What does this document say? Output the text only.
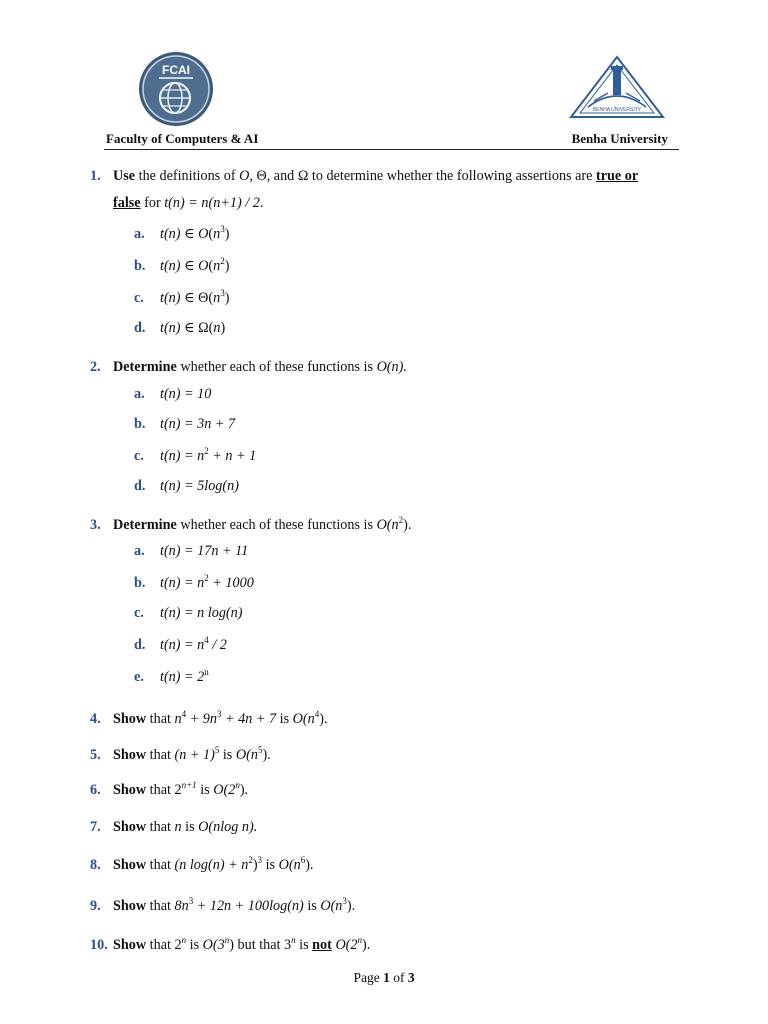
FCAI
BENHA UNIVERSITY
Faculty of Computers & AI	Benha University
1. Use the definitions of O, Θ, and Ω to determine whether the following assertions are true or
false for t(n) = n(n+1) / 2.
a. t(n) ∈ $O(n^3)$
b. t(n) ∈ $O(n^2)$
c. t(n) ∈ $\Theta(n^3)$
d. t(n) ∈ Ω(n)
2. Determine whether each of these functions is O(n).
a. t(n) = 10
b. t(n) = 3n + 7
c. $t(n) = n^2 + n + 1$
d. t(n) = 5log(n)
3. Determine whether each of these functions is $O(n^2)$.
a. t(n) = 17n + 11
b. $t(n) = n^2 + 1000$
c. t(n) = n log(n)
d. $t(n) = n^4 / 2$
e. $t(n) = 2^n$
4. Show that $n^4 + 9n^3 + 4n + 7$ is $O(n^4)$.
5. Show that $(n + 1)^5$ is $O(n^5)$.
6. Show that $2^{n+1}$ is O(2$^n$).
7. Show that n is O(nlog n).
8. Show that (n $\log(n) + n^2)^3$ is $O(n^6)$.
9. Show that $8n^3 + 12n + 100\log(n)$ is $O(n^3)$.
10. Show that 2$^n$ is O(3$^n$) but that 3$^n$ is not O(2$^n$).
Page 1 of 3
